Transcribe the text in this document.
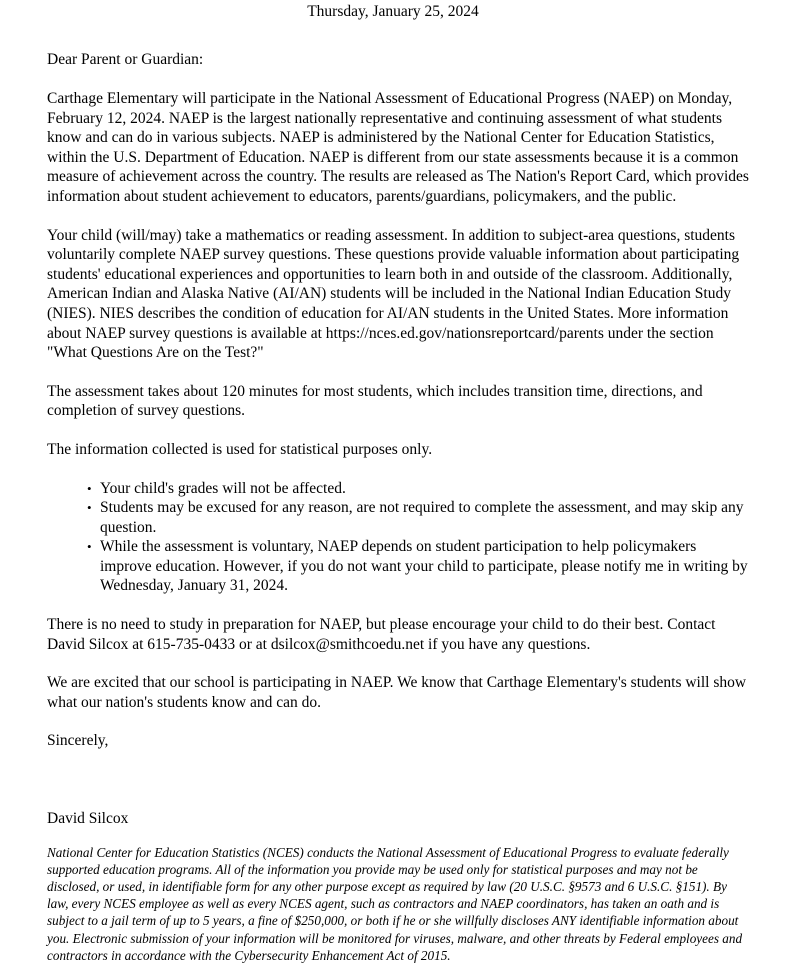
Thursday, January 25, 2024
Dear Parent or Guardian:

Carthage Elementary will participate in the National Assessment of Educational Progress (NAEP) on Monday, February 12, 2024. NAEP is the largest nationally representative and continuing assessment of what students know and can do in various subjects. NAEP is administered by the National Center for Education Statistics, within the U.S. Department of Education. NAEP is different from our state assessments because it is a common measure of achievement across the country. The results are released as The Nation's Report Card, which provides information about student achievement to educators, parents/guardians, policymakers, and the public.

Your child (will/may) take a mathematics or reading assessment. In addition to subject-area questions, students voluntarily complete NAEP survey questions. These questions provide valuable information about participating students' educational experiences and opportunities to learn both in and outside of the classroom. Additionally, American Indian and Alaska Native (AI/AN) students will be included in the National Indian Education Study (NIES). NIES describes the condition of education for AI/AN students in the United States. More information about NAEP survey questions is available at https://nces.ed.gov/nationsreportcard/parents under the section "What Questions Are on the Test?"

The assessment takes about 120 minutes for most students, which includes transition time, directions, and completion of survey questions.

The information collected is used for statistical purposes only.

• Your child's grades will not be affected.
• Students may be excused for any reason, are not required to complete the assessment, and may skip any question.
• While the assessment is voluntary, NAEP depends on student participation to help policymakers improve education. However, if you do not want your child to participate, please notify me in writing by Wednesday, January 31, 2024.

There is no need to study in preparation for NAEP, but please encourage your child to do their best. Contact David Silcox at 615-735-0433 or at dsilcox@smithcoedu.net if you have any questions.

We are excited that our school is participating in NAEP. We know that Carthage Elementary's students will show what our nation's students know and can do.

Sincerely,
David Silcox
National Center for Education Statistics (NCES) conducts the National Assessment of Educational Progress to evaluate federally supported education programs. All of the information you provide may be used only for statistical purposes and may not be disclosed, or used, in identifiable form for any other purpose except as required by law (20 U.S.C. §9573 and 6 U.S.C. §151). By law, every NCES employee as well as every NCES agent, such as contractors and NAEP coordinators, has taken an oath and is subject to a jail term of up to 5 years, a fine of $250,000, or both if he or she willfully discloses ANY identifiable information about you. Electronic submission of your information will be monitored for viruses, malware, and other threats by Federal employees and contractors in accordance with the Cybersecurity Enhancement Act of 2015.
